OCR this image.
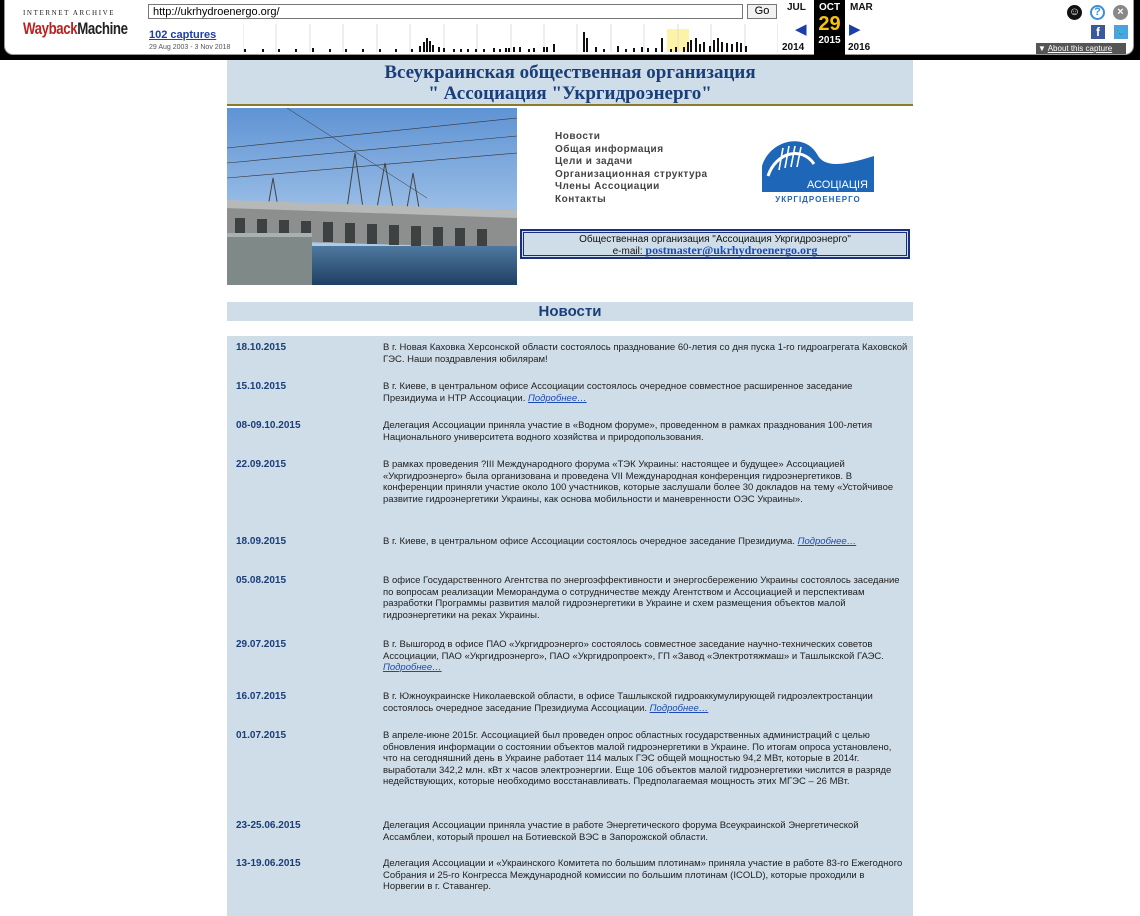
INTERNET ARCHIVE
WaybackMachine
http://ukrhydroenergo.org/
Go
102 captures
29 Aug 2003 - 3 Nov 2018
JUL	MAR
◀	▶
2014	2016
OCT
29
2015
☺	?	×
f	🐦
▼ About this capture
Всеукраинская общественная организация
" Ассоциация "Укргидроэнерго"
Новости
Общая информация
Цели и задачи
Организационная структура
Члены Ассоциации
Контакты
АСОЦІАЦІЯ
УКРГІДРОЕНЕРГО
Общественная организация "Ассоциация Укргидроэнерго"
e-mail: postmaster@ukrhydroenergo.org
Новости
18.10.2015	В г. Новая Каховка Херсонской области состоялось празднование 60-летия со дня пуска 1-го гидроагрегата Каховской ГЭС. Наши поздравления юбилярам!
15.10.2015	В г. Киеве, в центральном офисе Ассоциации состоялось очередное совместное расширенное заседание Президиума и НТР Ассоциации. Подробнее…
08-09.10.2015	Делегация Ассоциации приняла участие в «Водном форуме», проведенном в рамках празднования 100-летия Национального университета водного хозяйства и природопользования.
22.09.2015	В рамках проведения ?III Международного форума «ТЭК Украины: настоящее и будущее» Ассоциацией «Укргидроэнерго» была организована и проведена VII Международная конференция гидроэнергетиков. В конференции приняли участие около 100 участников, которые заслушали более 30 докладов на тему «Устойчивое развитие гидроэнергетики Украины, как основа мобильности и маневренности ОЭС Украины».
18.09.2015	В г. Киеве, в центральном офисе Ассоциации состоялось очередное заседание Президиума. Подробнее…
05.08.2015	В офисе Государственного Агентства по энергоэффективности и энергосбережению Украины состоялось заседание по вопросам реализации Меморандума о сотрудничестве между Агентством и Ассоциацией и перспективам разработки Программы развития малой гидроэнергетики в Украине и схем размещения объектов малой гидроэнергетики на реках Украины.
29.07.2015	В г. Вышгород в офисе ПАО «Укргидроэнерго» состоялось совместное заседание научно-технических советов Ассоциации, ПАО «Укргидроэнерго», ПАО «Укргидропроект», ГП «Завод «Электротяжмаш» и Ташлыкской ГАЭС. Подробнее…
16.07.2015	В г. Южноукраинске Николаевской области, в офисе Ташлыкской гидроаккумулирующей гидроэлектростанции состоялось очередное заседание Президиума Ассоциации. Подробнее…
01.07.2015	В апреле-июне 2015г. Ассоциацией был проведен опрос областных государственных администраций с целью обновления информации о состоянии объектов малой гидроэнергетики в Украине. По итогам опроса установлено, что на сегодняшний день в Украине работает 114 малых ГЭС общей мощностью 94,2 МВт, которые в 2014г. выработали 342,2 млн. кВт х часов электроэнергии. Еще 106 объектов малой гидроэнергетики числится в разряде недействующих, которые необходимо восстанавливать. Предполагаемая мощность этих МГЭС – 26 МВт.
23-25.06.2015	Делегация Ассоциации приняла участие в работе Энергетического форума Всеукраинской Энергетической Ассамблеи, который прошел на Ботиевской ВЭС в Запорожской области.
13-19.06.2015	Делегация Ассоциации и «Украинского Комитета по большим плотинам» приняла участие в работе 83-го Ежегодного Собрания и 25-го Конгресса Международной комиссии по большим плотинам (ICOLD), которые проходили в Норвегии в г. Ставангер.
